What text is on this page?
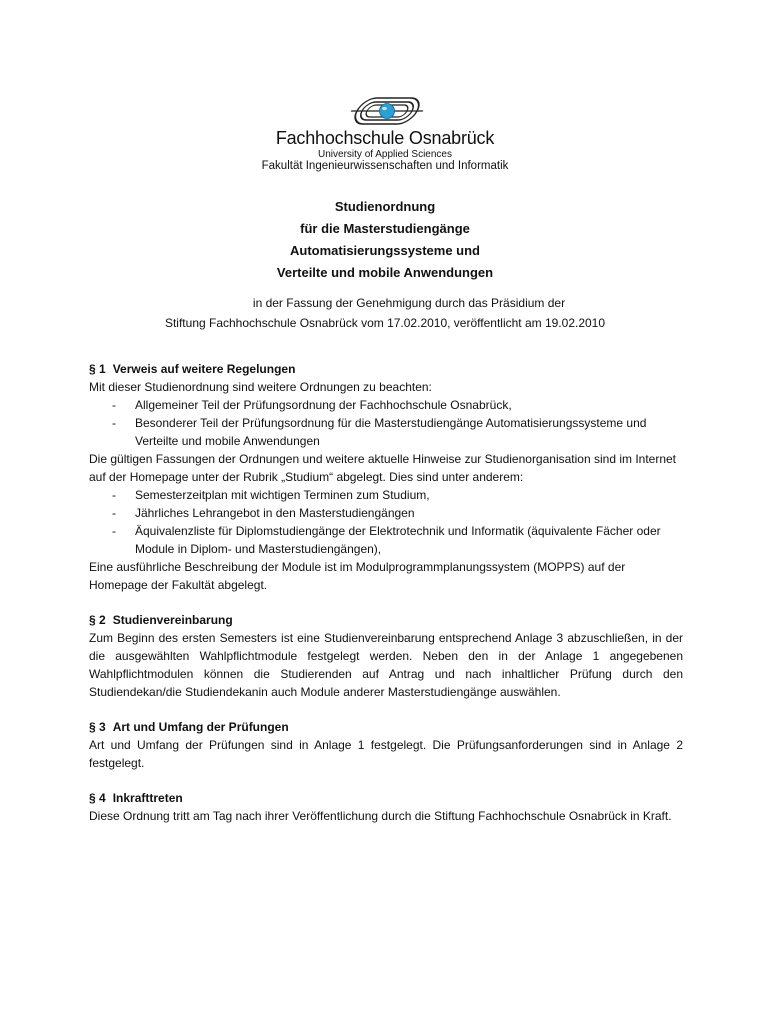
Fachhochschule Osnabrück
University of Applied Sciences
Fakultät Ingenieurwissenschaften und Informatik
Studienordnung
für die Masterstudiengänge
Automatisierungssysteme und
Verteilte und mobile Anwendungen
in der Fassung der Genehmigung durch das Präsidium der
Stiftung Fachhochschule Osnabrück vom 17.02.2010, veröffentlicht am 19.02.2010
§ 1 Verweis auf weitere Regelungen

Mit dieser Studienordnung sind weitere Ordnungen zu beachten:

- Allgemeiner Teil der Prüfungsordnung der Fachhochschule Osnabrück,
- Besonderer Teil der Prüfungsordnung für die Masterstudiengänge Automatisierungssysteme und Verteilte und mobile Anwendungen

Die gültigen Fassungen der Ordnungen und weitere aktuelle Hinweise zur Studienorganisation sind im Internet auf der Homepage unter der Rubrik „Studium“ abgelegt. Dies sind unter anderem:

- Semesterzeitplan mit wichtigen Terminen zum Studium,
- Jährliches Lehrangebot in den Masterstudiengängen
- Äquivalenzliste für Diplomstudiengänge der Elektrotechnik und Informatik (äquivalente Fächer oder Module in Diplom- und Masterstudiengängen),

Eine ausführliche Beschreibung der Module ist im Modulprogrammplanungssystem (MOPPS) auf der Homepage der Fakultät abgelegt.

§ 2 Studienvereinbarung

Zum Beginn des ersten Semesters ist eine Studienvereinbarung entsprechend Anlage 3 abzuschließen, in der die ausgewählten Wahlpflichtmodule festgelegt werden. Neben den in der Anlage 1 angegebenen Wahlpflichtmodulen können die Studierenden auf Antrag und nach inhaltlicher Prüfung durch den Studiendekan/die Studiendekanin auch Module anderer Masterstudiengänge auswählen.

§ 3 Art und Umfang der Prüfungen

Art und Umfang der Prüfungen sind in Anlage 1 festgelegt. Die Prüfungsanforderungen sind in Anlage 2 festgelegt.

§ 4 Inkrafttreten

Diese Ordnung tritt am Tag nach ihrer Veröffentlichung durch die Stiftung Fachhochschule Osnabrück in Kraft.
